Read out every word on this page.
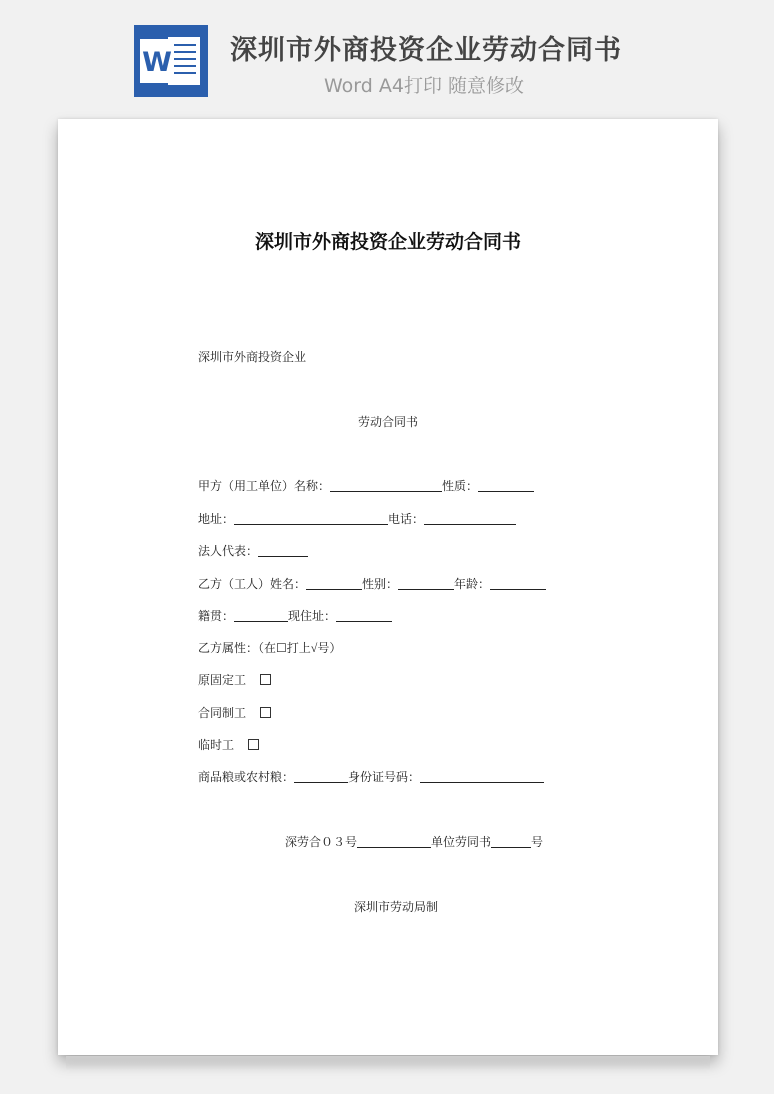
W 深圳市外商投资企业劳动合同书
Word A4打印 随意修改

深圳市外商投资企业劳动合同书
深圳市外商投资企业
劳动合同书
甲方（用工单位）名称：	性质：
地址：	电话：
法人代表：
乙方（工人）姓名：	性别：	年龄：
籍贯：	现住址：
乙方属性：（在☐打上√号）
原固定工
合同制工
临时工
商品粮或农村粮：	身份证号码：
深劳合０３号	单位劳同书	号
深圳市劳动局制
